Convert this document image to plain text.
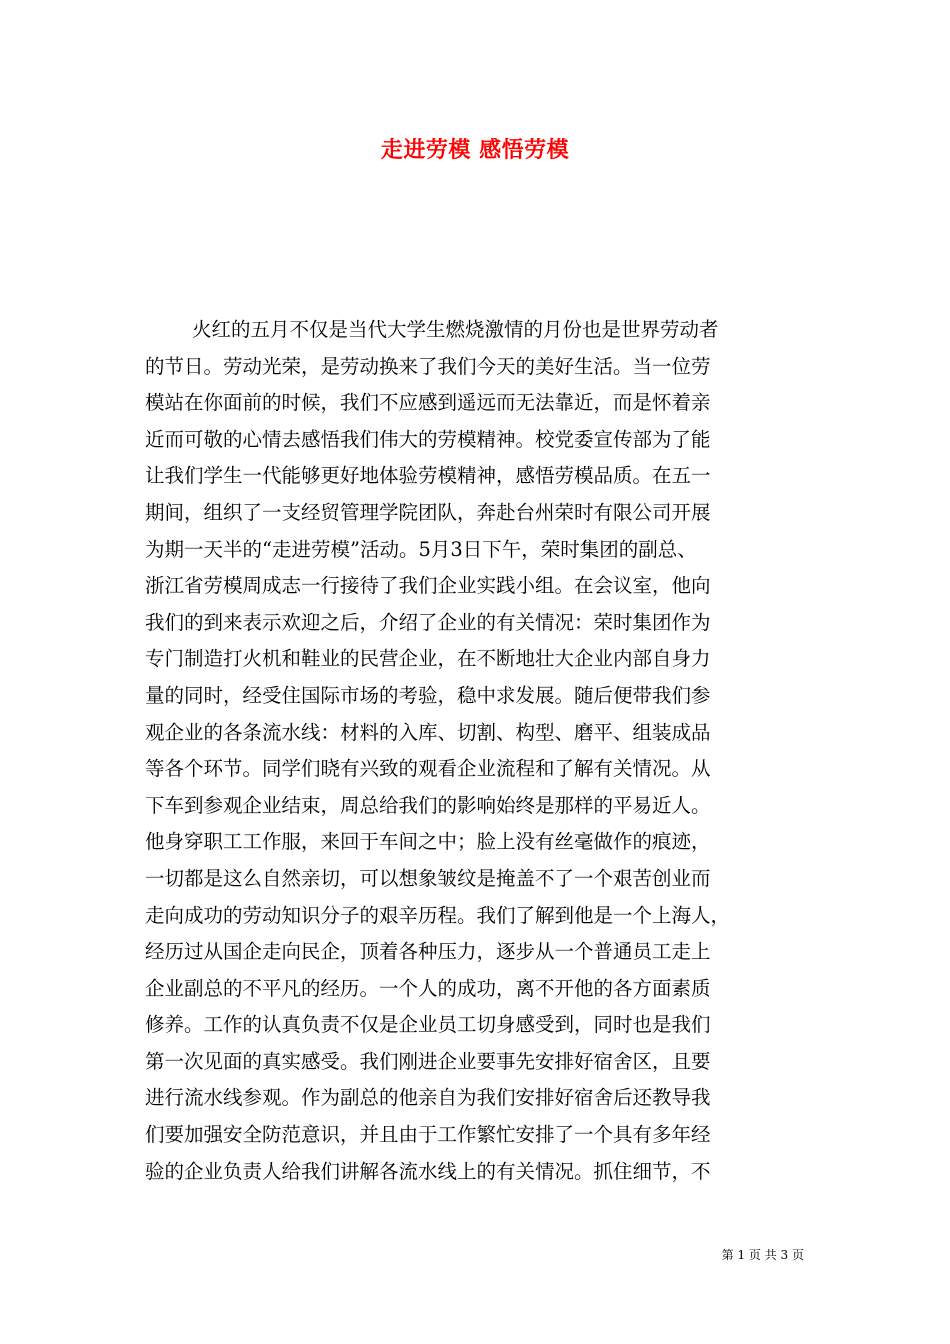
走进劳模 感悟劳模
火红的五月不仅是当代大学生燃烧激情的月份也是世界劳动者
的节日。劳动光荣，是劳动换来了我们今天的美好生活。当一位劳
模站在你面前的时候，我们不应感到遥远而无法靠近，而是怀着亲
近而可敬的心情去感悟我们伟大的劳模精神。校党委宣传部为了能
让我们学生一代能够更好地体验劳模精神，感悟劳模品质。在五一
期间，组织了一支经贸管理学院团队，奔赴台州荣时有限公司开展
为期一天半的“走进劳模”活动。5月3日下午，荣时集团的副总、
浙江省劳模周成志一行接待了我们企业实践小组。在会议室，他向
我们的到来表示欢迎之后，介绍了企业的有关情况：荣时集团作为
专门制造打火机和鞋业的民营企业，在不断地壮大企业内部自身力
量的同时，经受住国际市场的考验，稳中求发展。随后便带我们参
观企业的各条流水线：材料的入库、切割、构型、磨平、组装成品
等各个环节。同学们晓有兴致的观看企业流程和了解有关情况。从
下车到参观企业结束，周总给我们的影响始终是那样的平易近人。
他身穿职工工作服，来回于车间之中；脸上没有丝毫做作的痕迹，
一切都是这么自然亲切，可以想象皱纹是掩盖不了一个艰苦创业而
走向成功的劳动知识分子的艰辛历程。我们了解到他是一个上海人，
经历过从国企走向民企，顶着各种压力，逐步从一个普通员工走上
企业副总的不平凡的经历。一个人的成功，离不开他的各方面素质
修养。工作的认真负责不仅是企业员工切身感受到，同时也是我们
第一次见面的真实感受。我们刚进企业要事先安排好宿舍区，且要
进行流水线参观。作为副总的他亲自为我们安排好宿舍后还教导我
们要加强安全防范意识，并且由于工作繁忙安排了一个具有多年经
验的企业负责人给我们讲解各流水线上的有关情况。抓住细节，不
第 1 页 共 3 页
